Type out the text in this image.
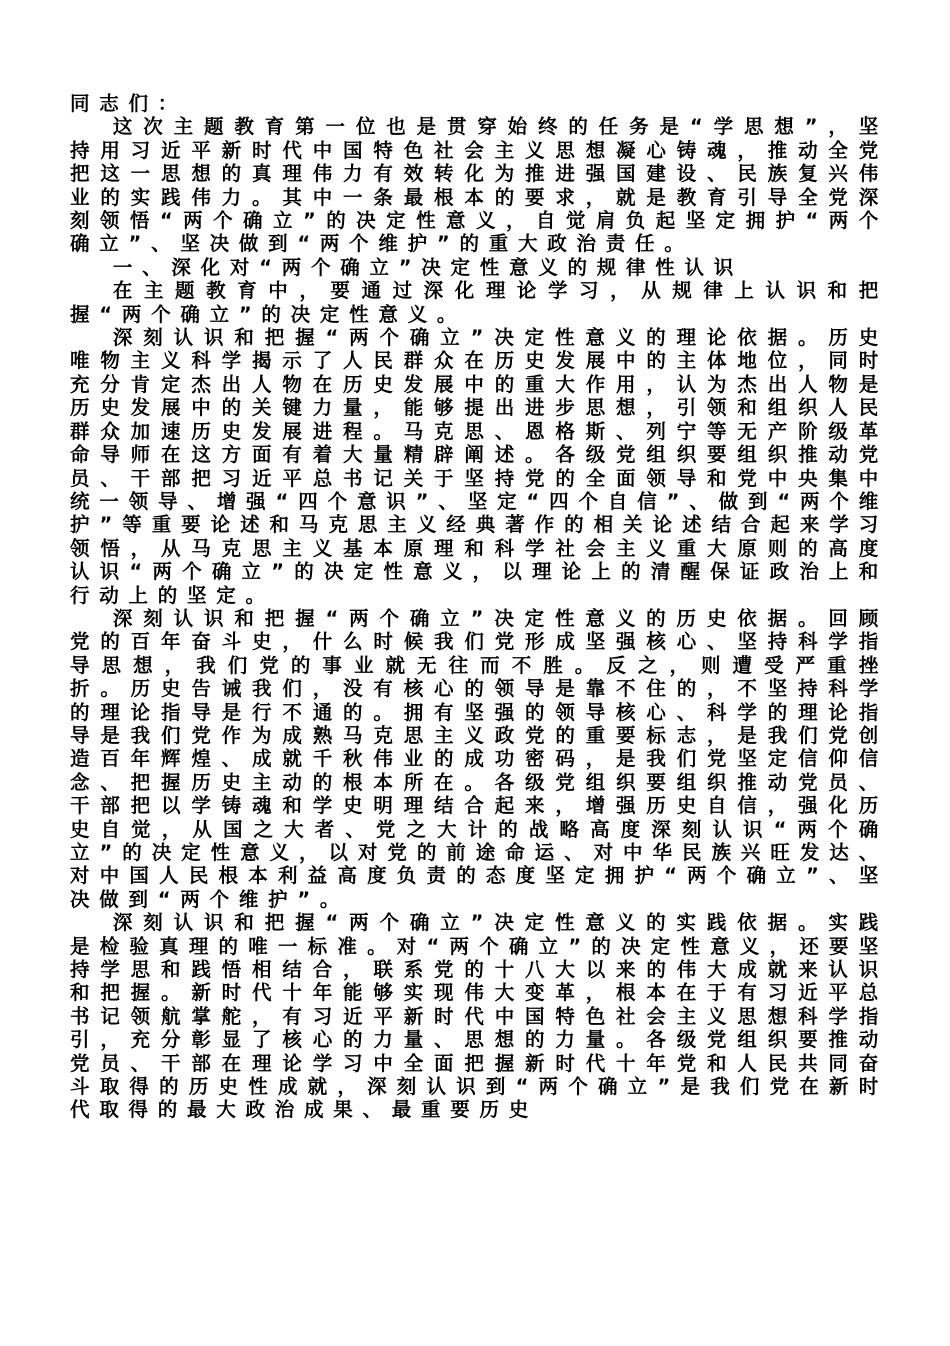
同志们：

这次主题教育第一位也是贯穿始终的任务是“学思想”，坚持用习近平新时代中国特色社会主义思想凝心铸魂，推动全党把这一思想的真理伟力有效转化为推进强国建设、民族复兴伟业的实践伟力。其中一条最根本的要求，就是教育引导全党深刻领悟“两个确立”的决定性意义，自觉肩负起坚定拥护“两个确立”、坚决做到“两个维护”的重大政治责任。

一、深化对“两个确立”决定性意义的规律性认识

在主题教育中，要通过深化理论学习，从规律上认识和把握“两个确立”的决定性意义。

深刻认识和把握“两个确立”决定性意义的理论依据。历史唯物主义科学揭示了人民群众在历史发展中的主体地位，同时充分肯定杰出人物在历史发展中的重大作用，认为杰出人物是历史发展中的关键力量，能够提出进步思想，引领和组织人民群众加速历史发展进程。马克思、恩格斯、列宁等无产阶级革命导师在这方面有着大量精辟阐述。各级党组织要组织推动党员、干部把习近平总书记关于坚持党的全面领导和党中央集中统一领导、增强“四个意识”、坚定“四个自信”、做到“两个维护”等重要论述和马克思主义经典著作的相关论述结合起来学习领悟，从马克思主义基本原理和科学社会主义重大原则的高度认识“两个确立”的决定性意义，以理论上的清醒保证政治上和行动上的坚定。

深刻认识和把握“两个确立”决定性意义的历史依据。回顾党的百年奋斗史，什么时候我们党形成坚强核心、坚持科学指导思想，我们党的事业就无往而不胜。反之，则遭受严重挫折。历史告诫我们，没有核心的领导是靠不住的，不坚持科学的理论指导是行不通的。拥有坚强的领导核心、科学的理论指导是我们党作为成熟马克思主义政党的重要标志，是我们党创造百年辉煌、成就千秋伟业的成功密码，是我们党坚定信仰信念、把握历史主动的根本所在。各级党组织要组织推动党员、干部把以学铸魂和学史明理结合起来，增强历史自信，强化历史自觉，从国之大者、党之大计的战略高度深刻认识“两个确立”的决定性意义，以对党的前途命运、对中华民族兴旺发达、对中国人民根本利益高度负责的态度坚定拥护“两个确立”、坚决做到“两个维护”。

深刻认识和把握“两个确立”决定性意义的实践依据。实践是检验真理的唯一标准。对“两个确立”的决定性意义，还要坚持学思和践悟相结合，联系党的十八大以来的伟大成就来认识和把握。新时代十年能够实现伟大变革，根本在于有习近平总书记领航掌舵，有习近平新时代中国特色社会主义思想科学指引，充分彰显了核心的力量、思想的力量。各级党组织要推动党员、干部在理论学习中全面把握新时代十年党和人民共同奋斗取得的历史性成就，深刻认识到“两个确立”是我们党在新时代取得的最大政治成果、最重要历史
